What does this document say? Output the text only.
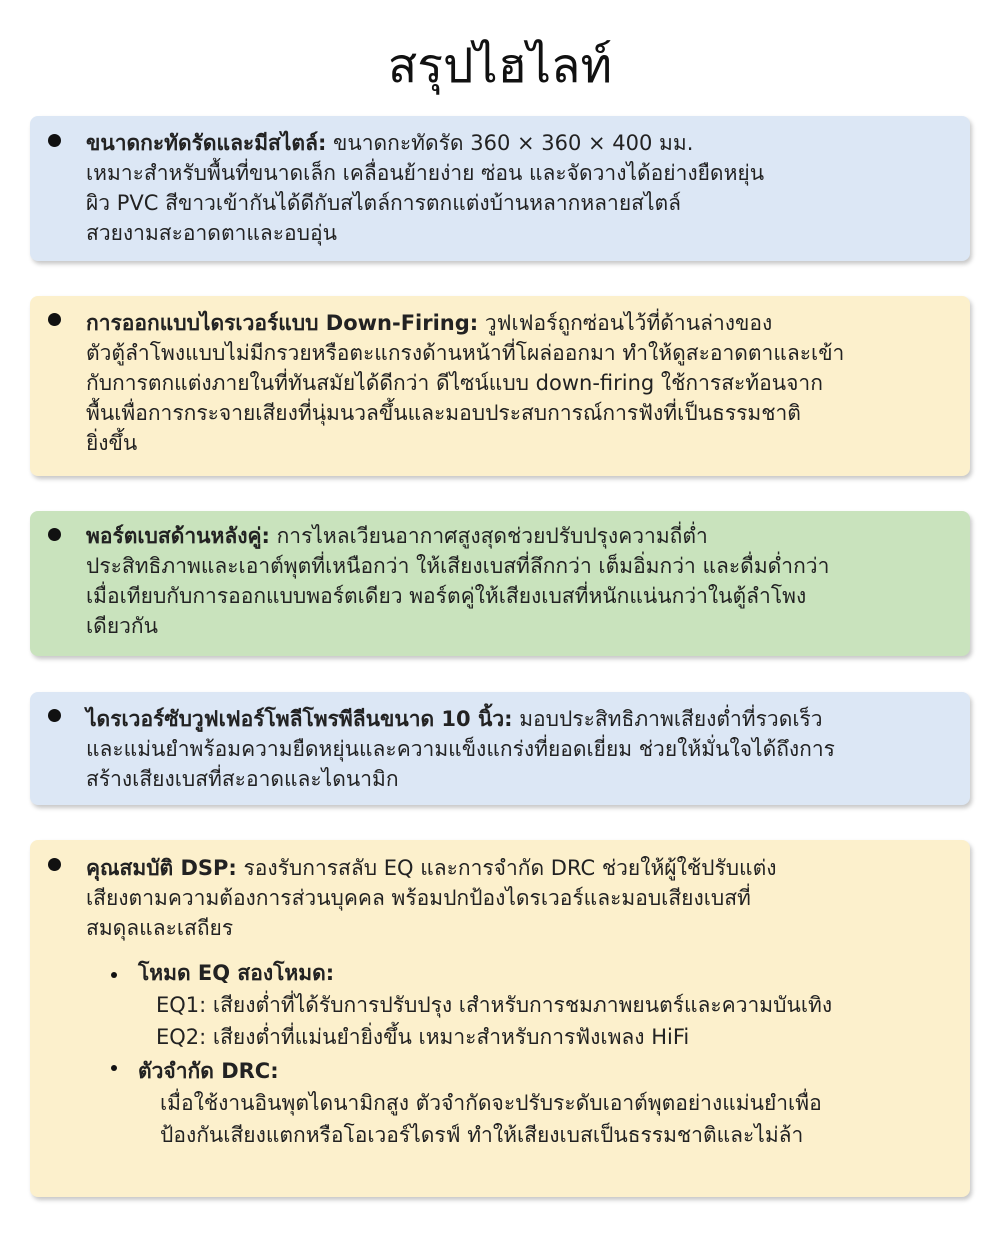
สรุปไฮไลท์
ขนาดกะทัดรัดและมีสไตล์: ขนาดกะทัดรัด 360 × 360 × 400 มม.
เหมาะสำหรับพื้นที่ขนาดเล็ก เคลื่อนย้ายง่าย ซ่อน และจัดวางได้อย่างยืดหยุ่น
ผิว PVC สีขาวเข้ากันได้ดีกับสไตล์การตกแต่งบ้านหลากหลายสไตล์
สวยงามสะอาดตาและอบอุ่น
การออกแบบไดรเวอร์แบบ Down-Firing: วูฟเฟอร์ถูกซ่อนไว้ที่ด้านล่างของ
ตัวตู้ลำโพงแบบไม่มีกรวยหรือตะแกรงด้านหน้าที่โผล่ออกมา ทำให้ดูสะอาดตาและเข้า
กับการตกแต่งภายในที่ทันสมัยได้ดีกว่า ดีไซน์แบบ down-firing ใช้การสะท้อนจาก
พื้นเพื่อการกระจายเสียงที่นุ่มนวลขึ้นและมอบประสบการณ์การฟังที่เป็นธรรมชาติ
ยิ่งขึ้น
พอร์ตเบสด้านหลังคู่: การไหลเวียนอากาศสูงสุดช่วยปรับปรุงความถี่ต่ำ
ประสิทธิภาพและเอาต์พุตที่เหนือกว่า ให้เสียงเบสที่ลึกกว่า เต็มอิ่มกว่า และดื่มด่ำกว่า
เมื่อเทียบกับการออกแบบพอร์ตเดียว พอร์ตคู่ให้เสียงเบสที่หนักแน่นกว่าในตู้ลำโพง
เดียวกัน
ไดรเวอร์ซับวูฟเฟอร์โพลีโพรพีลีนขนาด 10 นิ้ว: มอบประสิทธิภาพเสียงต่ำที่รวดเร็ว
และแม่นยำพร้อมความยืดหยุ่นและความแข็งแกร่งที่ยอดเยี่ยม ช่วยให้มั่นใจได้ถึงการ
สร้างเสียงเบสที่สะอาดและไดนามิก
คุณสมบัติ DSP: รองรับการสลับ EQ และการจำกัด DRC ช่วยให้ผู้ใช้ปรับแต่ง
เสียงตามความต้องการส่วนบุคคล พร้อมปกป้องไดรเวอร์และมอบเสียงเบสที่
สมดุลและเสถียร
โหมด EQ สองโหมด:
EQ1: เสียงต่ำที่ได้รับการปรับปรุง เสำหรับการชมภาพยนตร์และความบันเทิง
EQ2: เสียงต่ำที่แม่นยำยิ่งขึ้น เหมาะสำหรับการฟังเพลง HiFi
ตัวจำกัด DRC:
เมื่อใช้งานอินพุตไดนามิกสูง ตัวจำกัดจะปรับระดับเอาต์พุตอย่างแม่นยำเพื่อ
ป้องกันเสียงแตกหรือโอเวอร์ไดรฟ์ ทำให้เสียงเบสเป็นธรรมชาติและไม่ล้า
